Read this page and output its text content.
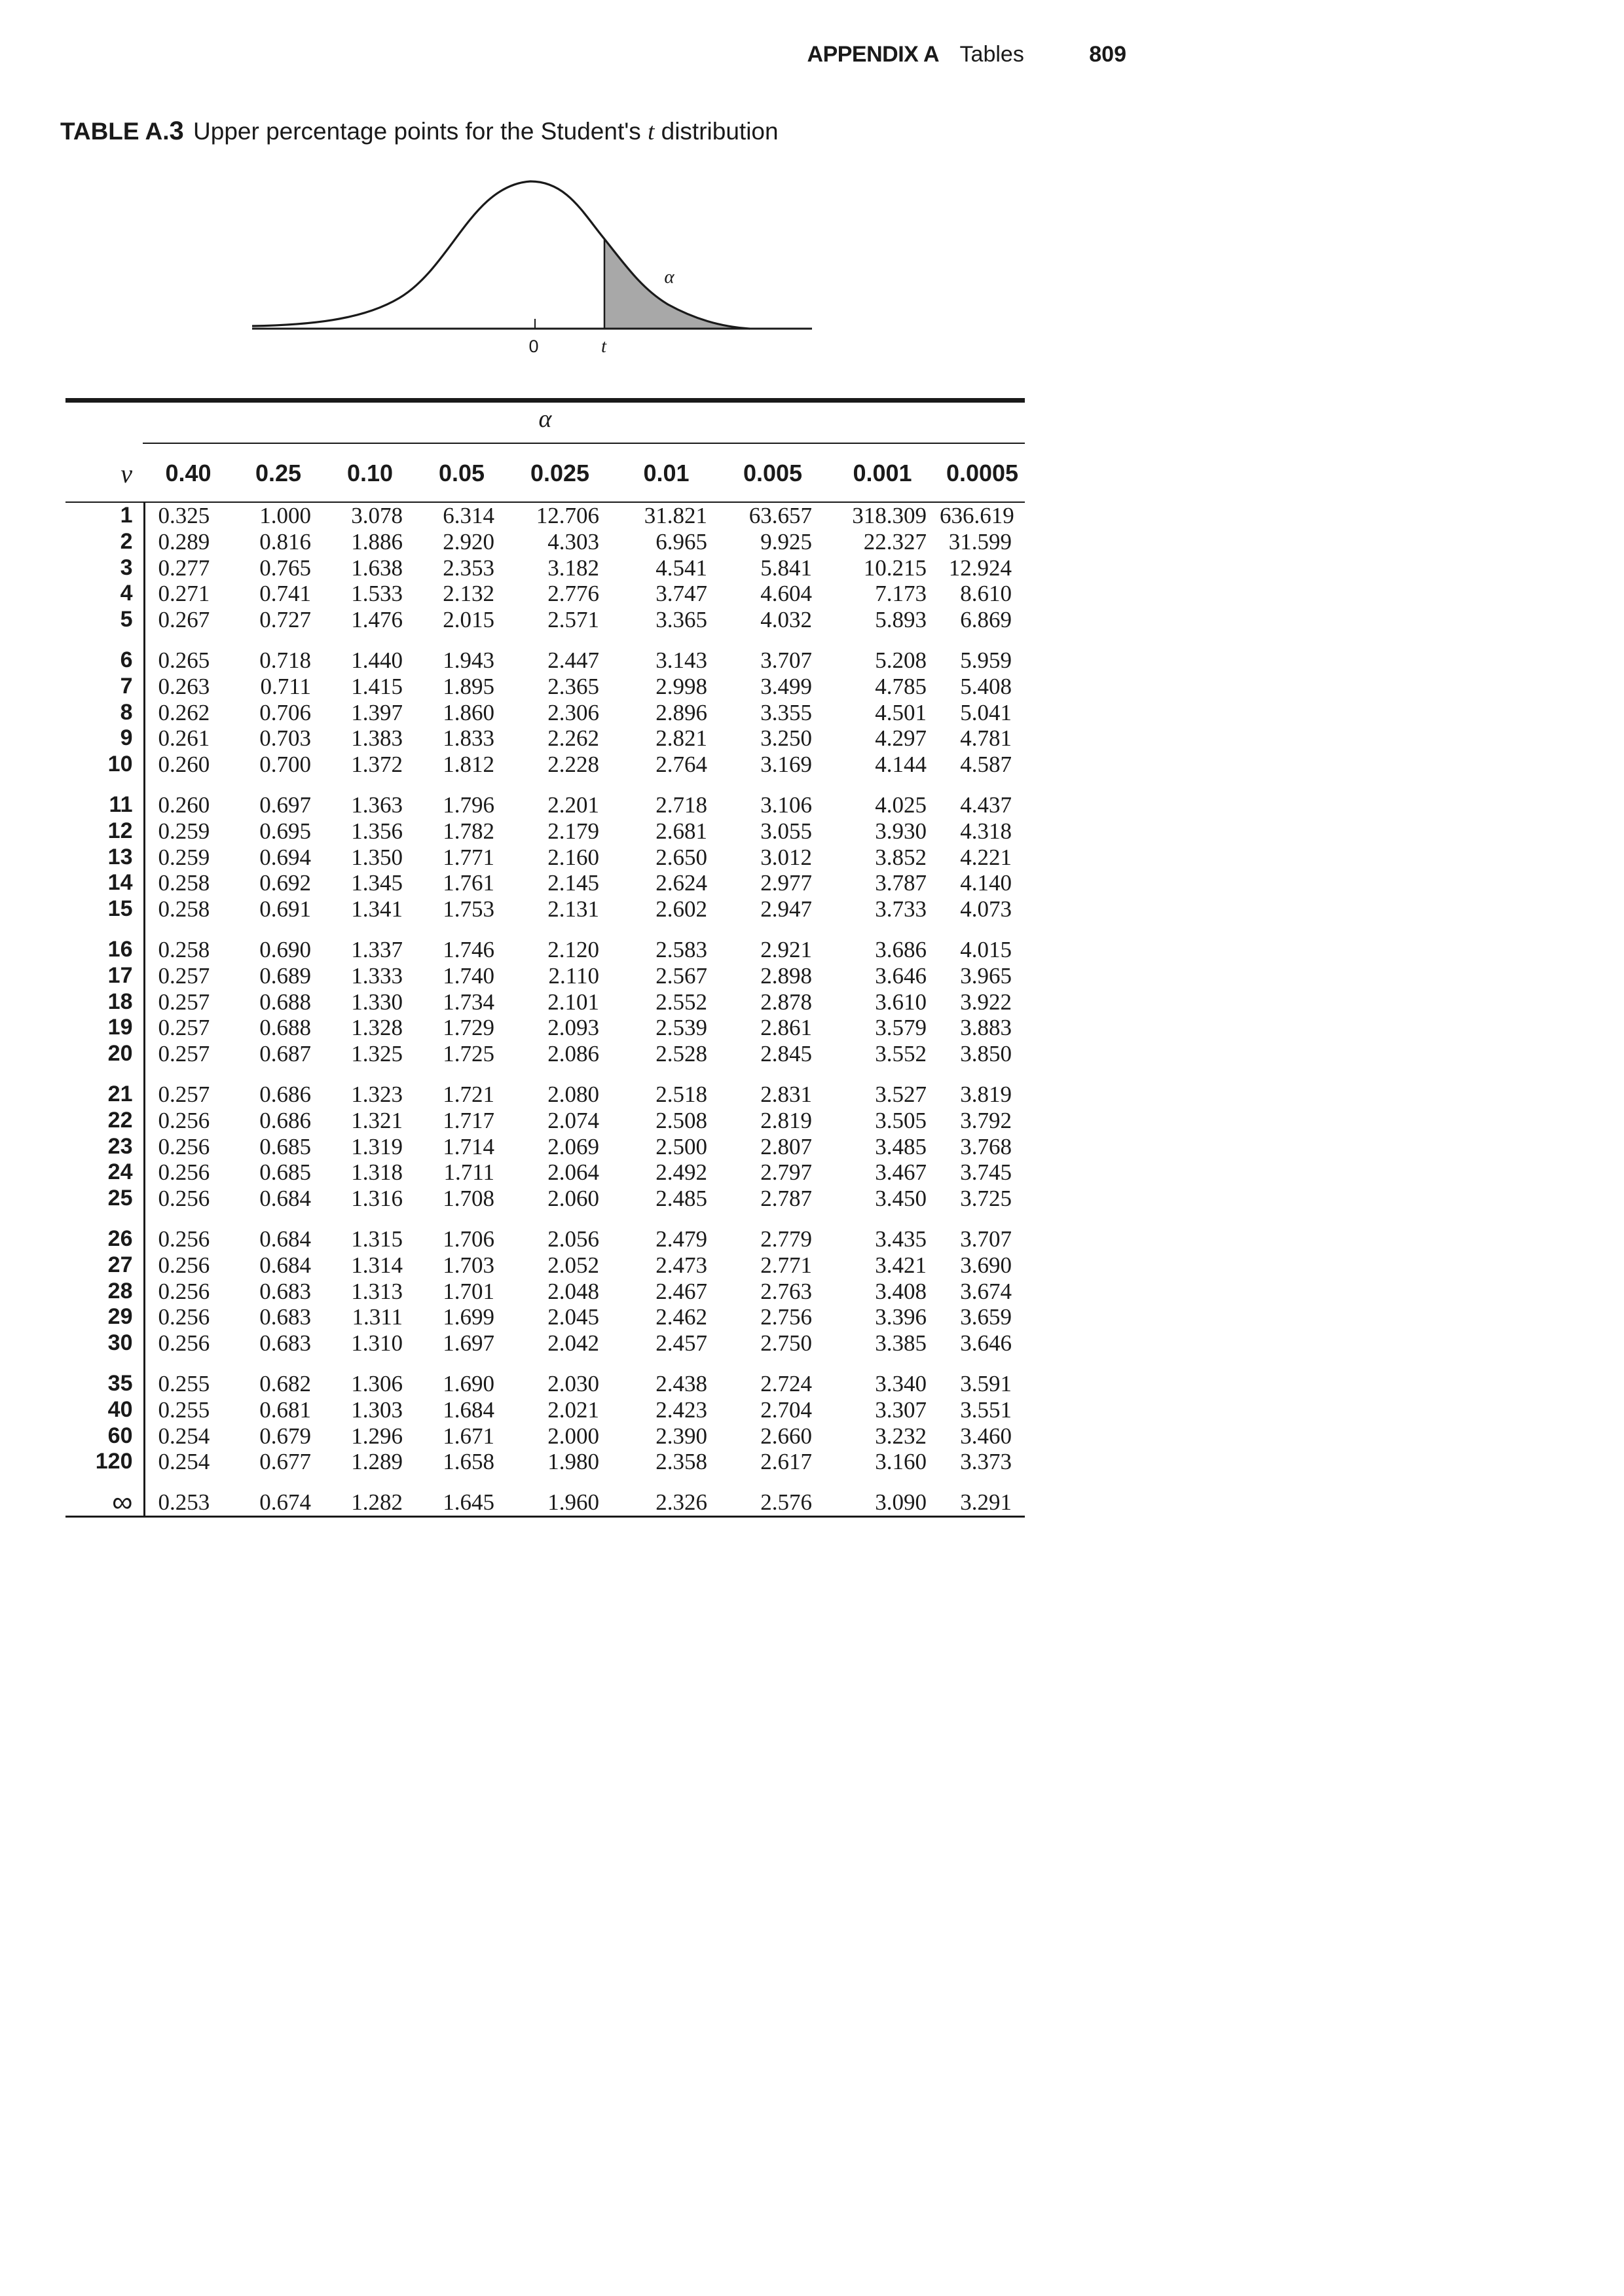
APPENDIX A Tables	809
TABLE A.3 Upper percentage points for the Student's t distribution
0	t
α
α
ν	0.40	0.25	0.10	0.05	0.025	0.01	0.005	0.001	0.0005	
1	0.325	1.000	3.078	6.314	12.706	31.821	63.657	318.309	636.619	
2	0.289	0.816	1.886	2.920	4.303	6.965	9.925	22.327	31.599	
3	0.277	0.765	1.638	2.353	3.182	4.541	5.841	10.215	12.924	
4	0.271	0.741	1.533	2.132	2.776	3.747	4.604	7.173	8.610	
5	0.267	0.727	1.476	2.015	2.571	3.365	4.032	5.893	6.869	
6	0.265	0.718	1.440	1.943	2.447	3.143	3.707	5.208	5.959	
7	0.263	0.711	1.415	1.895	2.365	2.998	3.499	4.785	5.408	
8	0.262	0.706	1.397	1.860	2.306	2.896	3.355	4.501	5.041	
9	0.261	0.703	1.383	1.833	2.262	2.821	3.250	4.297	4.781	
10	0.260	0.700	1.372	1.812	2.228	2.764	3.169	4.144	4.587	
11	0.260	0.697	1.363	1.796	2.201	2.718	3.106	4.025	4.437	
12	0.259	0.695	1.356	1.782	2.179	2.681	3.055	3.930	4.318	
13	0.259	0.694	1.350	1.771	2.160	2.650	3.012	3.852	4.221	
14	0.258	0.692	1.345	1.761	2.145	2.624	2.977	3.787	4.140	
15	0.258	0.691	1.341	1.753	2.131	2.602	2.947	3.733	4.073	
16	0.258	0.690	1.337	1.746	2.120	2.583	2.921	3.686	4.015	
17	0.257	0.689	1.333	1.740	2.110	2.567	2.898	3.646	3.965	
18	0.257	0.688	1.330	1.734	2.101	2.552	2.878	3.610	3.922	
19	0.257	0.688	1.328	1.729	2.093	2.539	2.861	3.579	3.883	
20	0.257	0.687	1.325	1.725	2.086	2.528	2.845	3.552	3.850	
21	0.257	0.686	1.323	1.721	2.080	2.518	2.831	3.527	3.819	
22	0.256	0.686	1.321	1.717	2.074	2.508	2.819	3.505	3.792	
23	0.256	0.685	1.319	1.714	2.069	2.500	2.807	3.485	3.768	
24	0.256	0.685	1.318	1.711	2.064	2.492	2.797	3.467	3.745	
25	0.256	0.684	1.316	1.708	2.060	2.485	2.787	3.450	3.725	
26	0.256	0.684	1.315	1.706	2.056	2.479	2.779	3.435	3.707	
27	0.256	0.684	1.314	1.703	2.052	2.473	2.771	3.421	3.690	
28	0.256	0.683	1.313	1.701	2.048	2.467	2.763	3.408	3.674	
29	0.256	0.683	1.311	1.699	2.045	2.462	2.756	3.396	3.659	
30	0.256	0.683	1.310	1.697	2.042	2.457	2.750	3.385	3.646	
35	0.255	0.682	1.306	1.690	2.030	2.438	2.724	3.340	3.591	
40	0.255	0.681	1.303	1.684	2.021	2.423	2.704	3.307	3.551	
60	0.254	0.679	1.296	1.671	2.000	2.390	2.660	3.232	3.460	
120	0.254	0.677	1.289	1.658	1.980	2.358	2.617	3.160	3.373	
∞	0.253	0.674	1.282	1.645	1.960	2.326	2.576	3.090	3.291	
